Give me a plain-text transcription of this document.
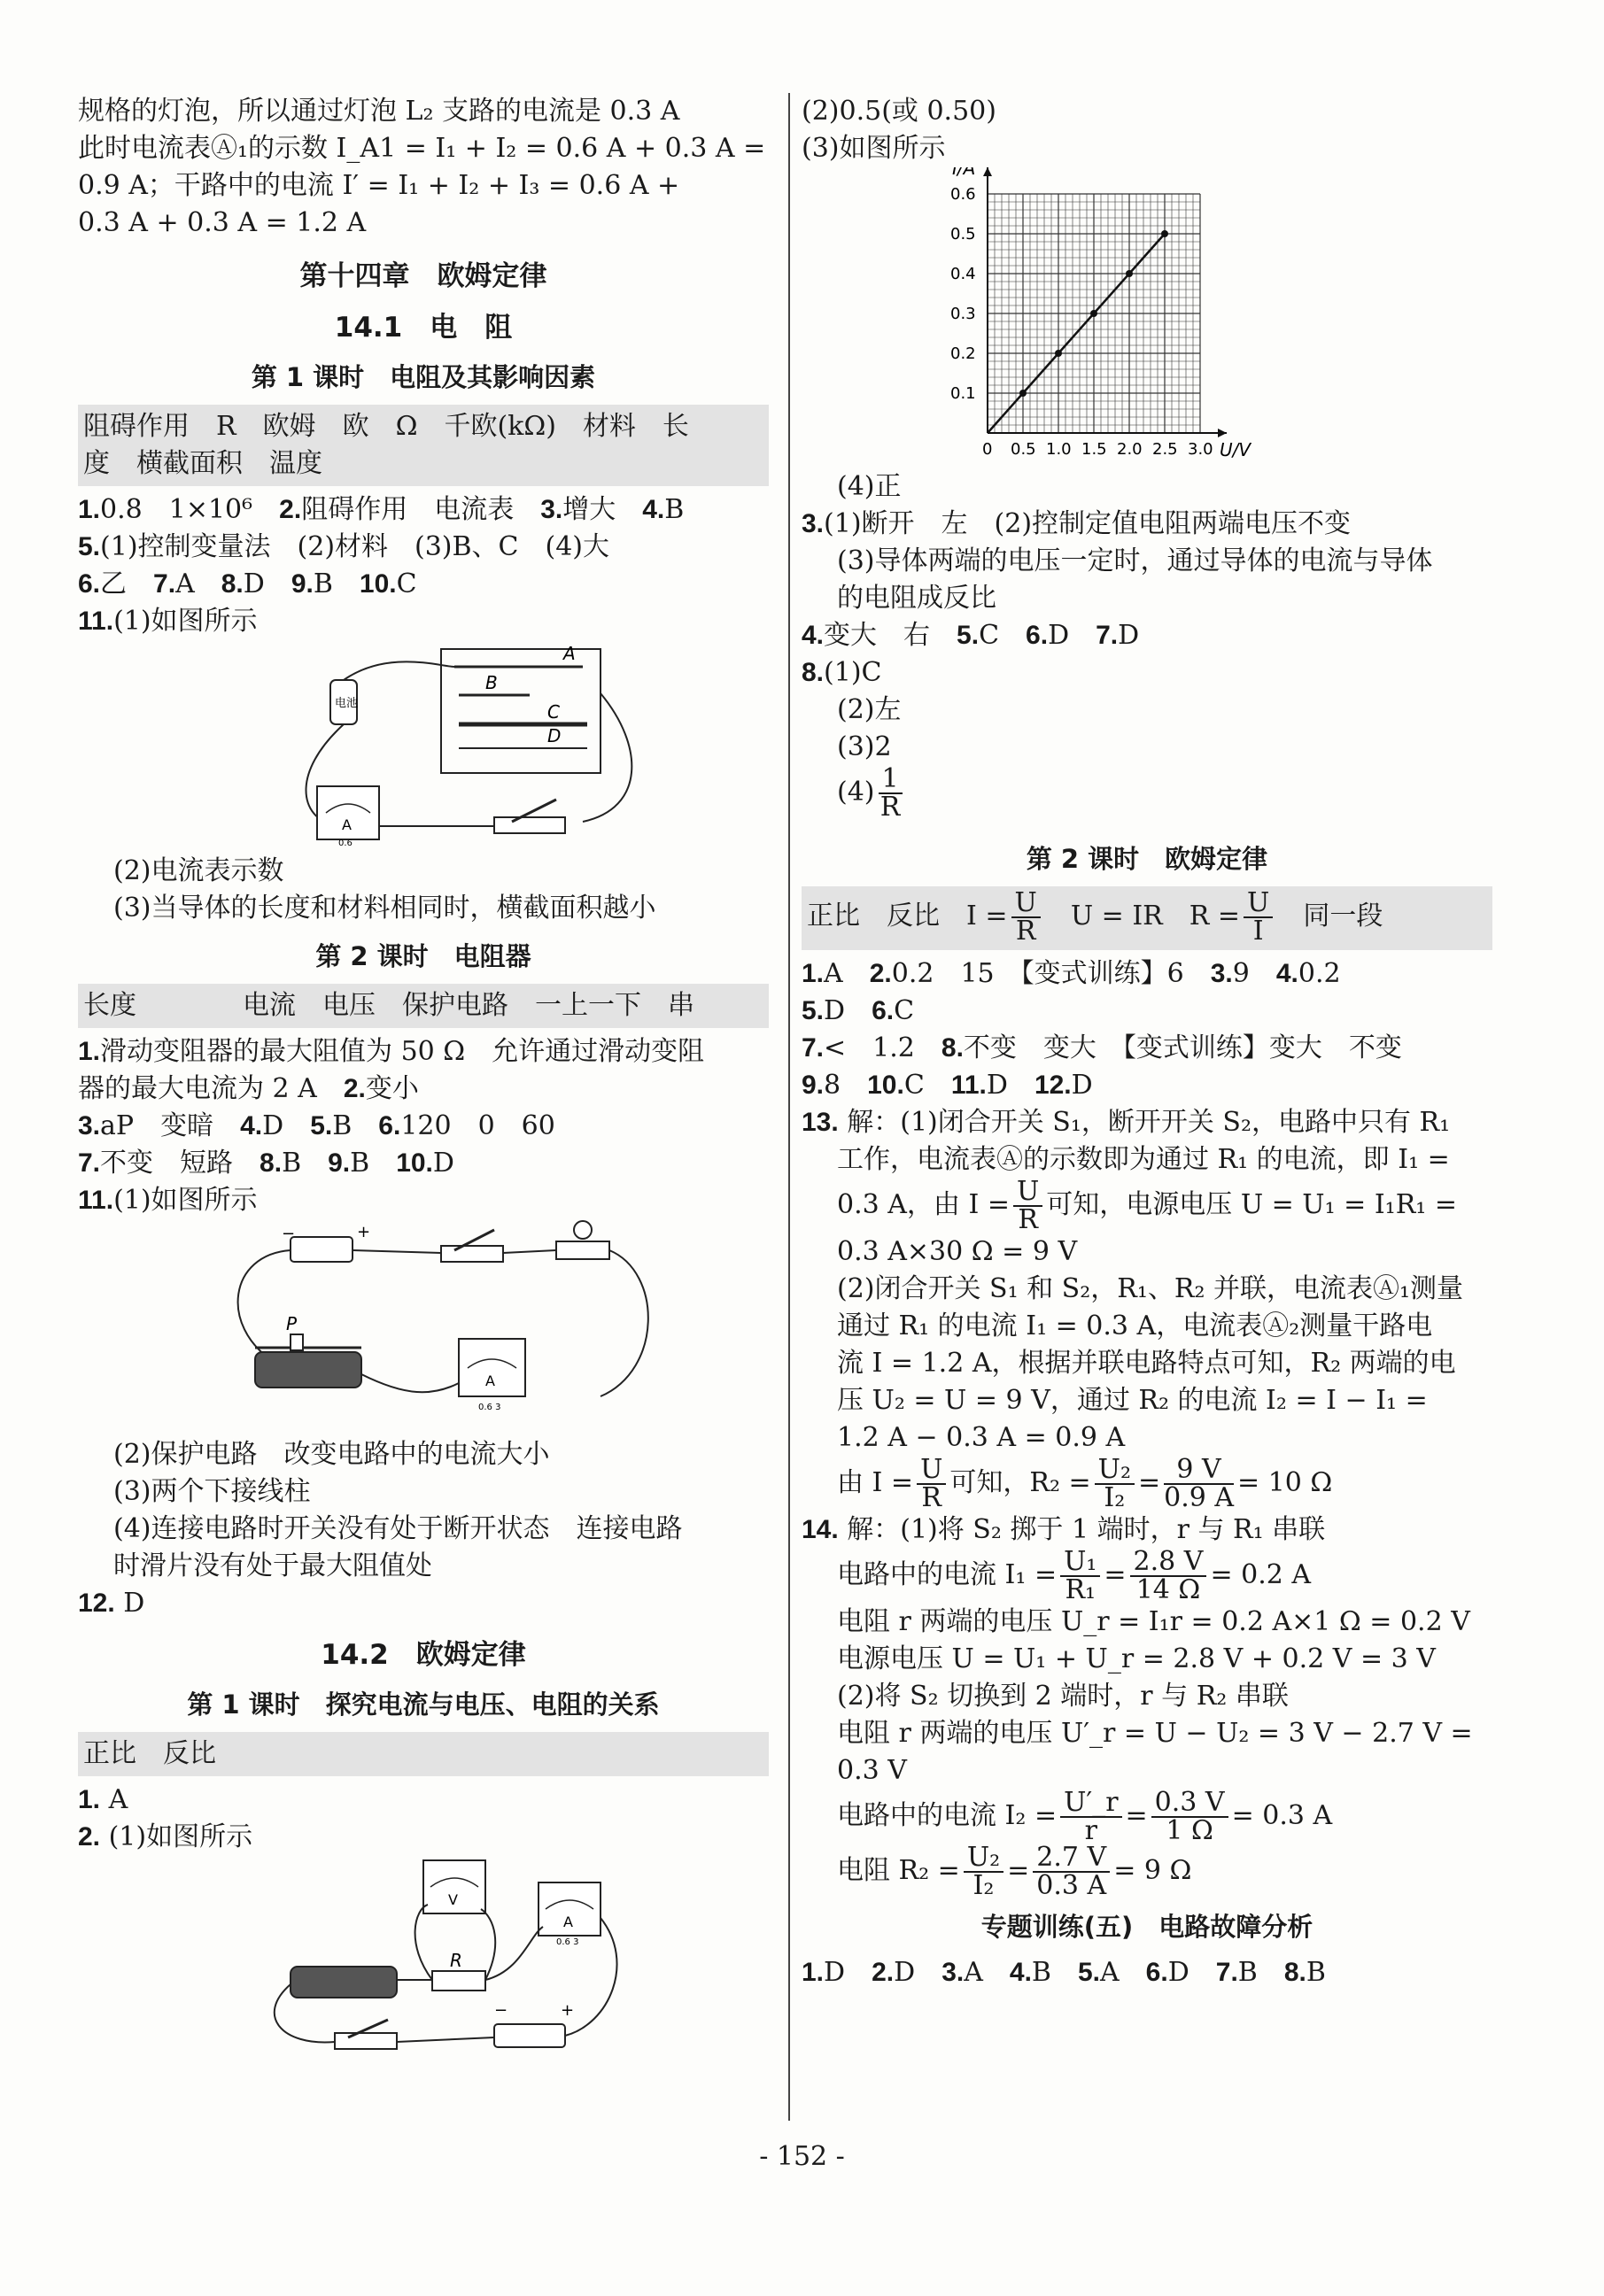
规格的灯泡，所以通过灯泡 L₂ 支路的电流是 0.3 A
此时电流表Ⓐ₁的示数 I_A1 = I₁ + I₂ = 0.6 A + 0.3 A =
0.9 A；干路中的电流 I′ = I₁ + I₂ + I₃ = 0.6 A +
0.3 A + 0.3 A = 1.2 A
第十四章　欧姆定律
14.1　电　阻
第 1 课时　电阻及其影响因素
阻碍作用　R　欧姆　欧　Ω　千欧(kΩ)　材料　长
度　横截面积　温度
1.0.8　1×10⁶　2.阻碍作用　电流表　3.增大　4.B
5.(1)控制变量法　(2)材料　(3)B、C　(4)大
6.乙　7.A　8.D　9.B　10.C
11.(1)如图所示
A
B
C
D
电池
A
0.6
(2)电流表示数
(3)当导体的长度和材料相同时，横截面积越小
第 2 课时　电阻器
长度　　　　电流　电压　保护电路　一上一下　串
1.滑动变阻器的最大阻值为 50 Ω　允许通过滑动变阻
器的最大电流为 2 A　2.变小
3.aP　变暗　4.D　5.B　6.120　0　60
7.不变　短路　8.B　9.B　10.D
11.(1)如图所示
−	+
P
A
0.6 3
(2)保护电路　改变电路中的电流大小
(3)两个下接线柱
(4)连接电路时开关没有处于断开状态　连接电路
时滑片没有处于最大阻值处
12. D
14.2　欧姆定律
第 1 课时　探究电流与电压、电阻的关系
正比　反比
1. A
2. (1)如图所示
V
A
0.6 3
R
−	+
(2)0.5(或 0.50)
(3)如图所示
0 0.5 1.0 1.5 2.0 2.5 3.0
0.1
0.2
0.3
0.4
0.5
0.6
I/A
U/V
(4)正
3.(1)断开　左　(2)控制定值电阻两端电压不变
(3)导体两端的电压一定时，通过导体的电流与导体
的电阻成反比
4.变大　右　5.C　6.D　7.D
8.(1)C
(2)左
(3)2
$(4) \frac{1}{R}$
第 2 课时　欧姆定律
正比　反比　$I = \frac{U}{R}$ 　U = IR　$R = \frac{U}{I}$ 　同一段
1.A　2.0.2　15　【变式训练】6　3.9　4.0.2
5.D　6.C
7.<　1.2　8.不变　变大　【变式训练】变大　不变
9.8　10.C　11.D　12.D
13. 解：(1)闭合开关 S₁，断开开关 S₂，电路中只有 R₁
工作，电流表Ⓐ的示数即为通过 R₁ 的电流，即 I₁ =
0.3 A，由 $I = \frac{U}{R}$ 可知，电源电压 U = U₁ = I₁R₁ =
0.3 A×30 Ω = 9 V
(2)闭合开关 S₁ 和 S₂，R₁、R₂ 并联，电流表Ⓐ₁测量
通过 R₁ 的电流 I₁ = 0.3 A，电流表Ⓐ₂测量干路电
流 I = 1.2 A，根据并联电路特点可知，R₂ 两端的电
压 U₂ = U = 9 V，通过 R₂ 的电流 I₂ = I − I₁ =
1.2 A − 0.3 A = 0.9 A
由 $I = \frac{U}{R}$ 可知，$R_2 = \frac{\text{U₂}}{\text{I₂}} = \frac{9 V}{0.9 A} = 10$ Ω
14. 解：(1)将 S₂ 掷于 1 端时，r 与 R₁ 串联
电路中的电流 $I_1 = \frac{\text{U₁}}{\text{R₁}} = \frac{2.8 V}{14 \Omega} = 0.2$ A
电阻 r 两端的电压 U_r = I₁r = 0.2 A×1 Ω = 0.2 V
电源电压 U = U₁ + U_r = 2.8 V + 0.2 V = 3 V
(2)将 S₂ 切换到 2 端时，r 与 R₂ 串联
电阻 r 两端的电压 U′_r = U − U₂ = 3 V − 2.7 V =
0.3 V
电路中的电流 $I_2 = \frac{U'\_r}{r} = \frac{0.3 V}{1 \Omega} = 0.3$ A
电阻 $R_2 = \frac{\text{U₂}}{\text{I₂}} = \frac{2.7 V}{0.3 A} = 9$ Ω
专题训练(五)　电路故障分析
1.D　2.D　3.A　4.B　5.A　6.D　7.B　8.B
- 152 -
